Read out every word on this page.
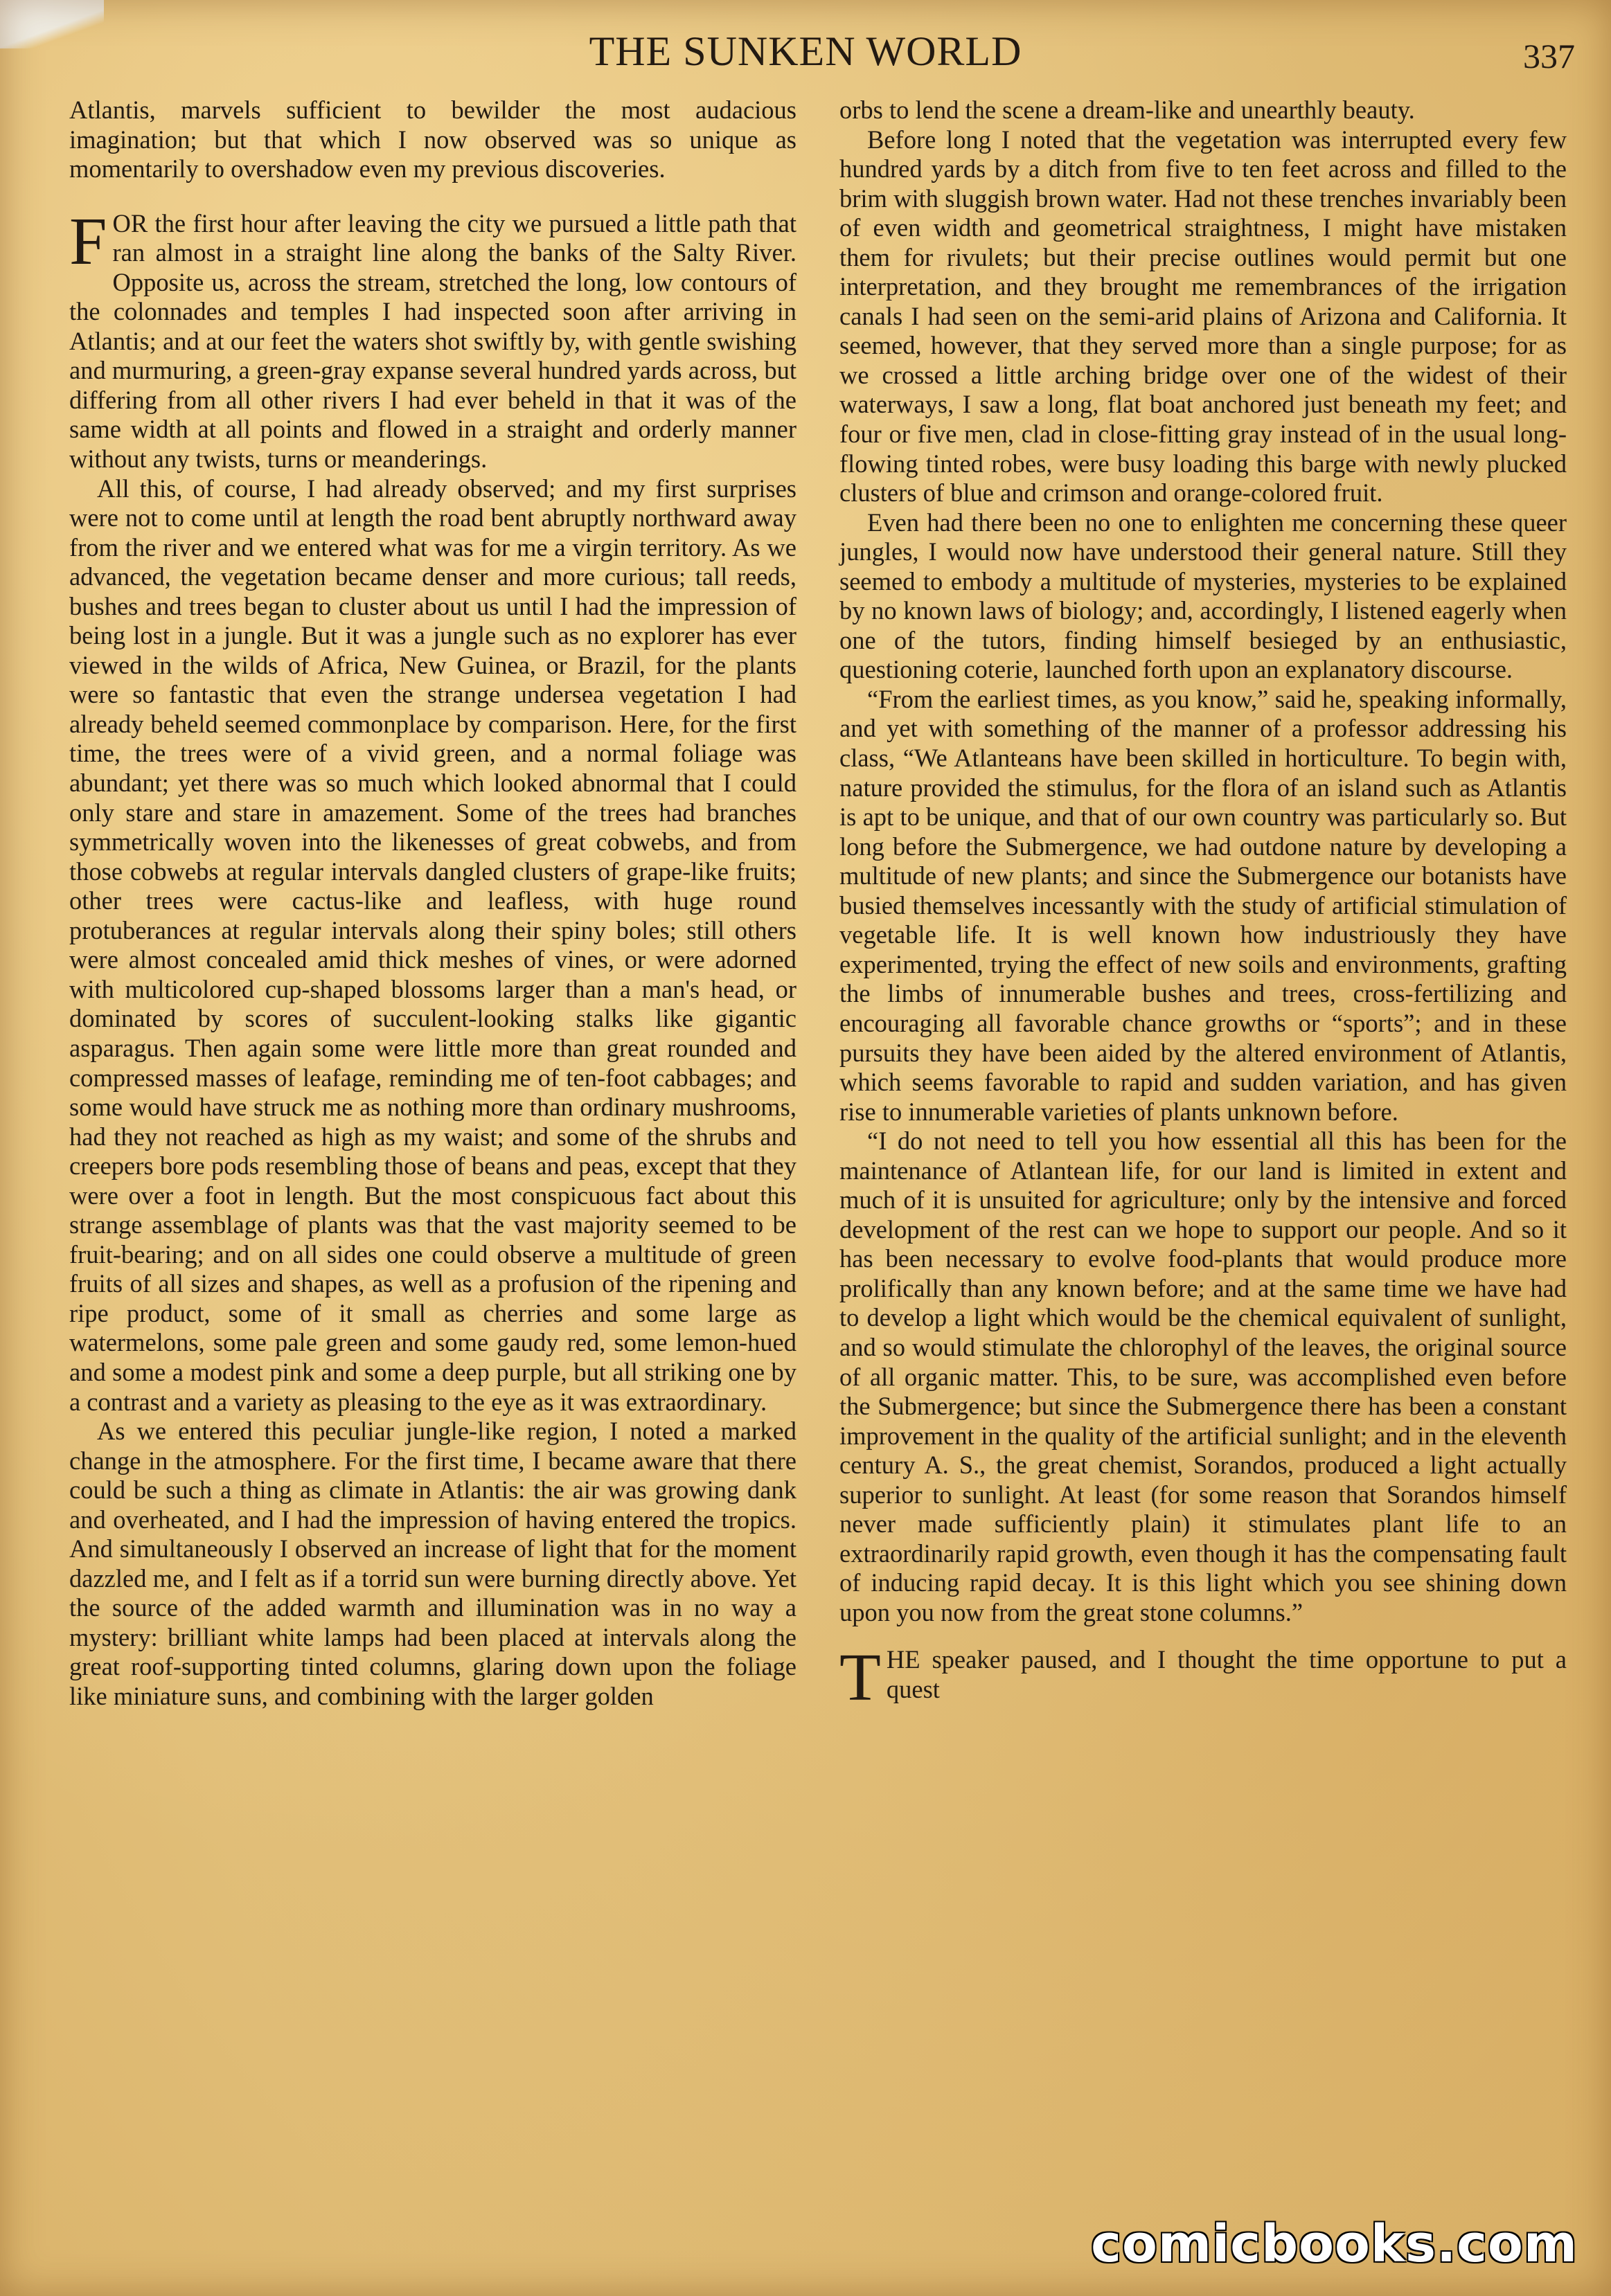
THE SUNKEN WORLD	337

Atlantis, marvels sufficient to bewilder the most audacious imagination; but that which I now observed was so unique as momentarily to overshadow even my previous discoveries.

FOR the first hour after leaving the city we pursued a little path that ran almost in a straight line along the banks of the Salty River. Opposite us, across the stream, stretched the long, low contours of the colonnades and temples I had inspected soon after arriving in Atlantis; and at our feet the waters shot swiftly by, with gentle swishing and murmuring, a green-gray expanse several hundred yards across, but differing from all other rivers I had ever beheld in that it was of the same width at all points and flowed in a straight and orderly manner without any twists, turns or meanderings.

All this, of course, I had already observed; and my first surprises were not to come until at length the road bent abruptly northward away from the river and we entered what was for me a virgin territory. As we advanced, the vegetation became denser and more curious; tall reeds, bushes and trees began to cluster about us until I had the impression of being lost in a jungle. But it was a jungle such as no explorer has ever viewed in the wilds of Africa, New Guinea, or Brazil, for the plants were so fantastic that even the strange undersea vegetation I had already beheld seemed commonplace by comparison. Here, for the first time, the trees were of a vivid green, and a normal foliage was abundant; yet there was so much which looked abnormal that I could only stare and stare in amazement. Some of the trees had branches symmetrically woven into the likenesses of great cobwebs, and from those cobwebs at regular intervals dangled clusters of grape-like fruits; other trees were cactus-like and leafless, with huge round protuberances at regular intervals along their spiny boles; still others were almost concealed amid thick meshes of vines, or were adorned with multicolored cup-shaped blossoms larger than a man's head, or dominated by scores of succulent-looking stalks like gigantic asparagus. Then again some were little more than great rounded and compressed masses of leafage, reminding me of ten-foot cabbages; and some would have struck me as nothing more than ordinary mushrooms, had they not reached as high as my waist; and some of the shrubs and creepers bore pods resembling those of beans and peas, except that they were over a foot in length. But the most conspicuous fact about this strange assemblage of plants was that the vast majority seemed to be fruit-bearing; and on all sides one could observe a multitude of green fruits of all sizes and shapes, as well as a profusion of the ripening and ripe product, some of it small as cherries and some large as watermelons, some pale green and some gaudy red, some lemon-hued and some a modest pink and some a deep purple, but all striking one by a contrast and a variety as pleasing to the eye as it was extraordinary.

As we entered this peculiar jungle-like region, I noted a marked change in the atmosphere. For the first time, I became aware that there could be such a thing as climate in Atlantis: the air was growing dank and overheated, and I had the impression of having entered the tropics. And simultaneously I observed an increase of light that for the moment dazzled me, and I felt as if a torrid sun were burning directly above. Yet the source of the added warmth and illumination was in no way a mystery: brilliant white lamps had been placed at intervals along the great roof-supporting tinted columns, glaring down upon the foliage like miniature suns, and combining with the larger golden

orbs to lend the scene a dream-like and unearthly beauty.

Before long I noted that the vegetation was interrupted every few hundred yards by a ditch from five to ten feet across and filled to the brim with sluggish brown water. Had not these trenches invariably been of even width and geometrical straightness, I might have mistaken them for rivulets; but their precise outlines would permit but one interpretation, and they brought me remembrances of the irrigation canals I had seen on the semi-arid plains of Arizona and California. It seemed, however, that they served more than a single purpose; for as we crossed a little arching bridge over one of the widest of their waterways, I saw a long, flat boat anchored just beneath my feet; and four or five men, clad in close-fitting gray instead of in the usual long-flowing tinted robes, were busy loading this barge with newly plucked clusters of blue and crimson and orange-colored fruit.

Even had there been no one to enlighten me concerning these queer jungles, I would now have understood their general nature. Still they seemed to embody a multitude of mysteries, mysteries to be explained by no known laws of biology; and, accordingly, I listened eagerly when one of the tutors, finding himself besieged by an enthusiastic, questioning coterie, launched forth upon an explanatory discourse.

“From the earliest times, as you know,” said he, speaking informally, and yet with something of the manner of a professor addressing his class, “We Atlanteans have been skilled in horticulture. To begin with, nature provided the stimulus, for the flora of an island such as Atlantis is apt to be unique, and that of our own country was particularly so. But long before the Submergence, we had outdone nature by developing a multitude of new plants; and since the Submergence our botanists have busied themselves incessantly with the study of artificial stimulation of vegetable life. It is well known how industriously they have experimented, trying the effect of new soils and environments, grafting the limbs of innumerable bushes and trees, cross-fertilizing and encouraging all favorable chance growths or “sports”; and in these pursuits they have been aided by the altered environment of Atlantis, which seems favorable to rapid and sudden variation, and has given rise to innumerable varieties of plants unknown before.

“I do not need to tell you how essential all this has been for the maintenance of Atlantean life, for our land is limited in extent and much of it is unsuited for agriculture; only by the intensive and forced development of the rest can we hope to support our people. And so it has been necessary to evolve food-plants that would produce more prolifically than any known before; and at the same time we have had to develop a light which would be the chemical equivalent of sunlight, and so would stimulate the chlorophyl of the leaves, the original source of all organic matter. This, to be sure, was accomplished even before the Submergence; but since the Submergence there has been a constant improvement in the quality of the artificial sunlight; and in the eleventh century A. S., the great chemist, Sorandos, produced a light actually superior to sunlight. At least (for some reason that Sorandos himself never made sufficiently plain) it stimulates plant life to an extraordinarily rapid growth, even though it has the compensating fault of inducing rapid decay. It is this light which you see shining down upon you now from the great stone columns.”

THE speaker paused, and I thought the time opportune to put a quest

comicbooks.com
